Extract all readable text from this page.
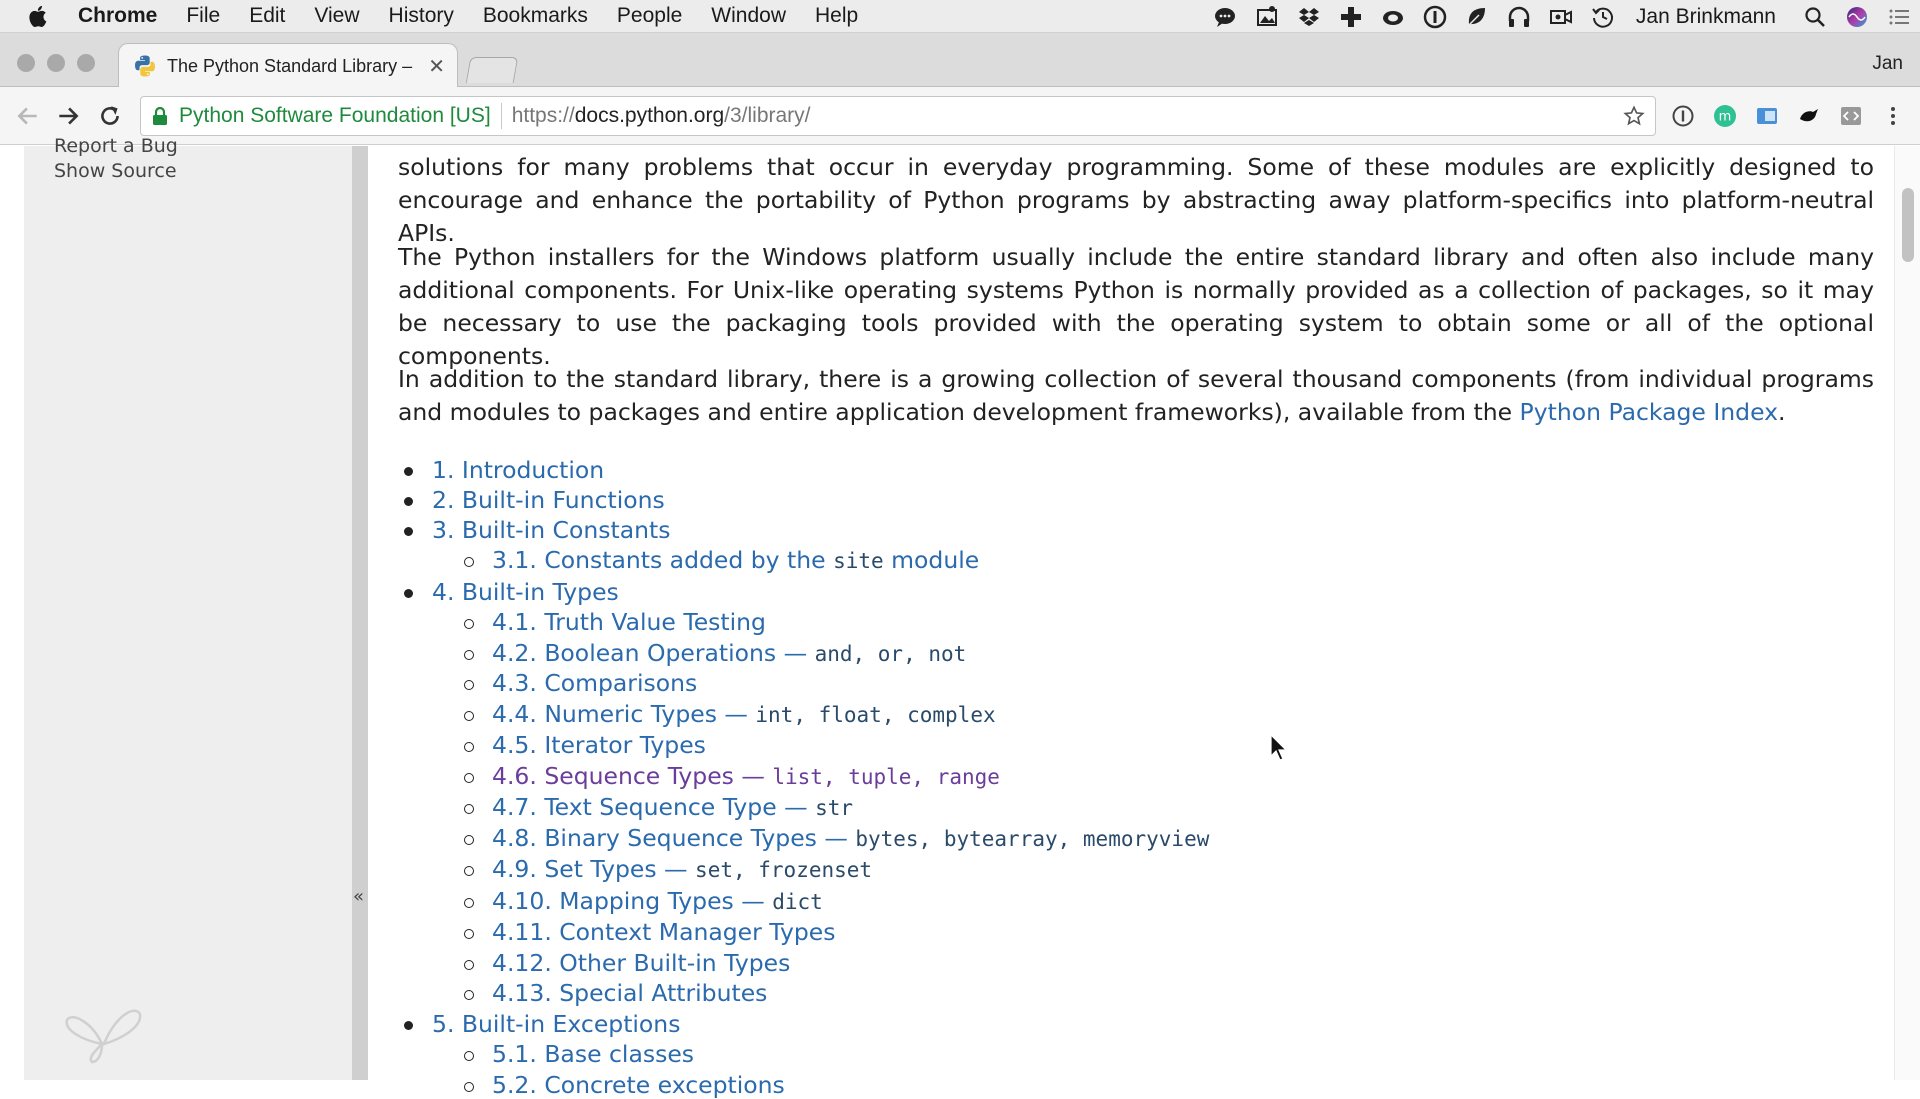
Chrome File Edit View History Bookmarks People Window Help	Jan Brinkmann
The Python Standard Library – ✕	Jan
Python Software Foundation [US] https:// docs.python.org /3/library/	m
Report a Bug
Show Source
«

solutions for many problems that occur in everyday programming. Some of these modules are explicitly designed to encourage and enhance the portability of Python programs by abstracting away platform-specifics into platform-neutral APIs.

The Python installers for the Windows platform usually include the entire standard library and often also include many additional components. For Unix-like operating systems Python is normally provided as a collection of packages, so it may be necessary to use the packaging tools provided with the operating system to obtain some or all of the optional components.

In addition to the standard library, there is a growing collection of several thousand components (from individual programs and modules to packages and entire application development frameworks), available from the Python Package Index.

1. Introduction
2. Built-in Functions
3. Built-in Constants
3.1. Constants added by the site module
4. Built-in Types
4.1. Truth Value Testing
4.2. Boolean Operations — and, or, not
4.3. Comparisons
4.4. Numeric Types — int, float, complex
4.5. Iterator Types
4.6. Sequence Types — list, tuple, range
4.7. Text Sequence Type — str
4.8. Binary Sequence Types — bytes, bytearray, memoryview
4.9. Set Types — set, frozenset
4.10. Mapping Types — dict
4.11. Context Manager Types
4.12. Other Built-in Types
4.13. Special Attributes
5. Built-in Exceptions
5.1. Base classes
5.2. Concrete exceptions
